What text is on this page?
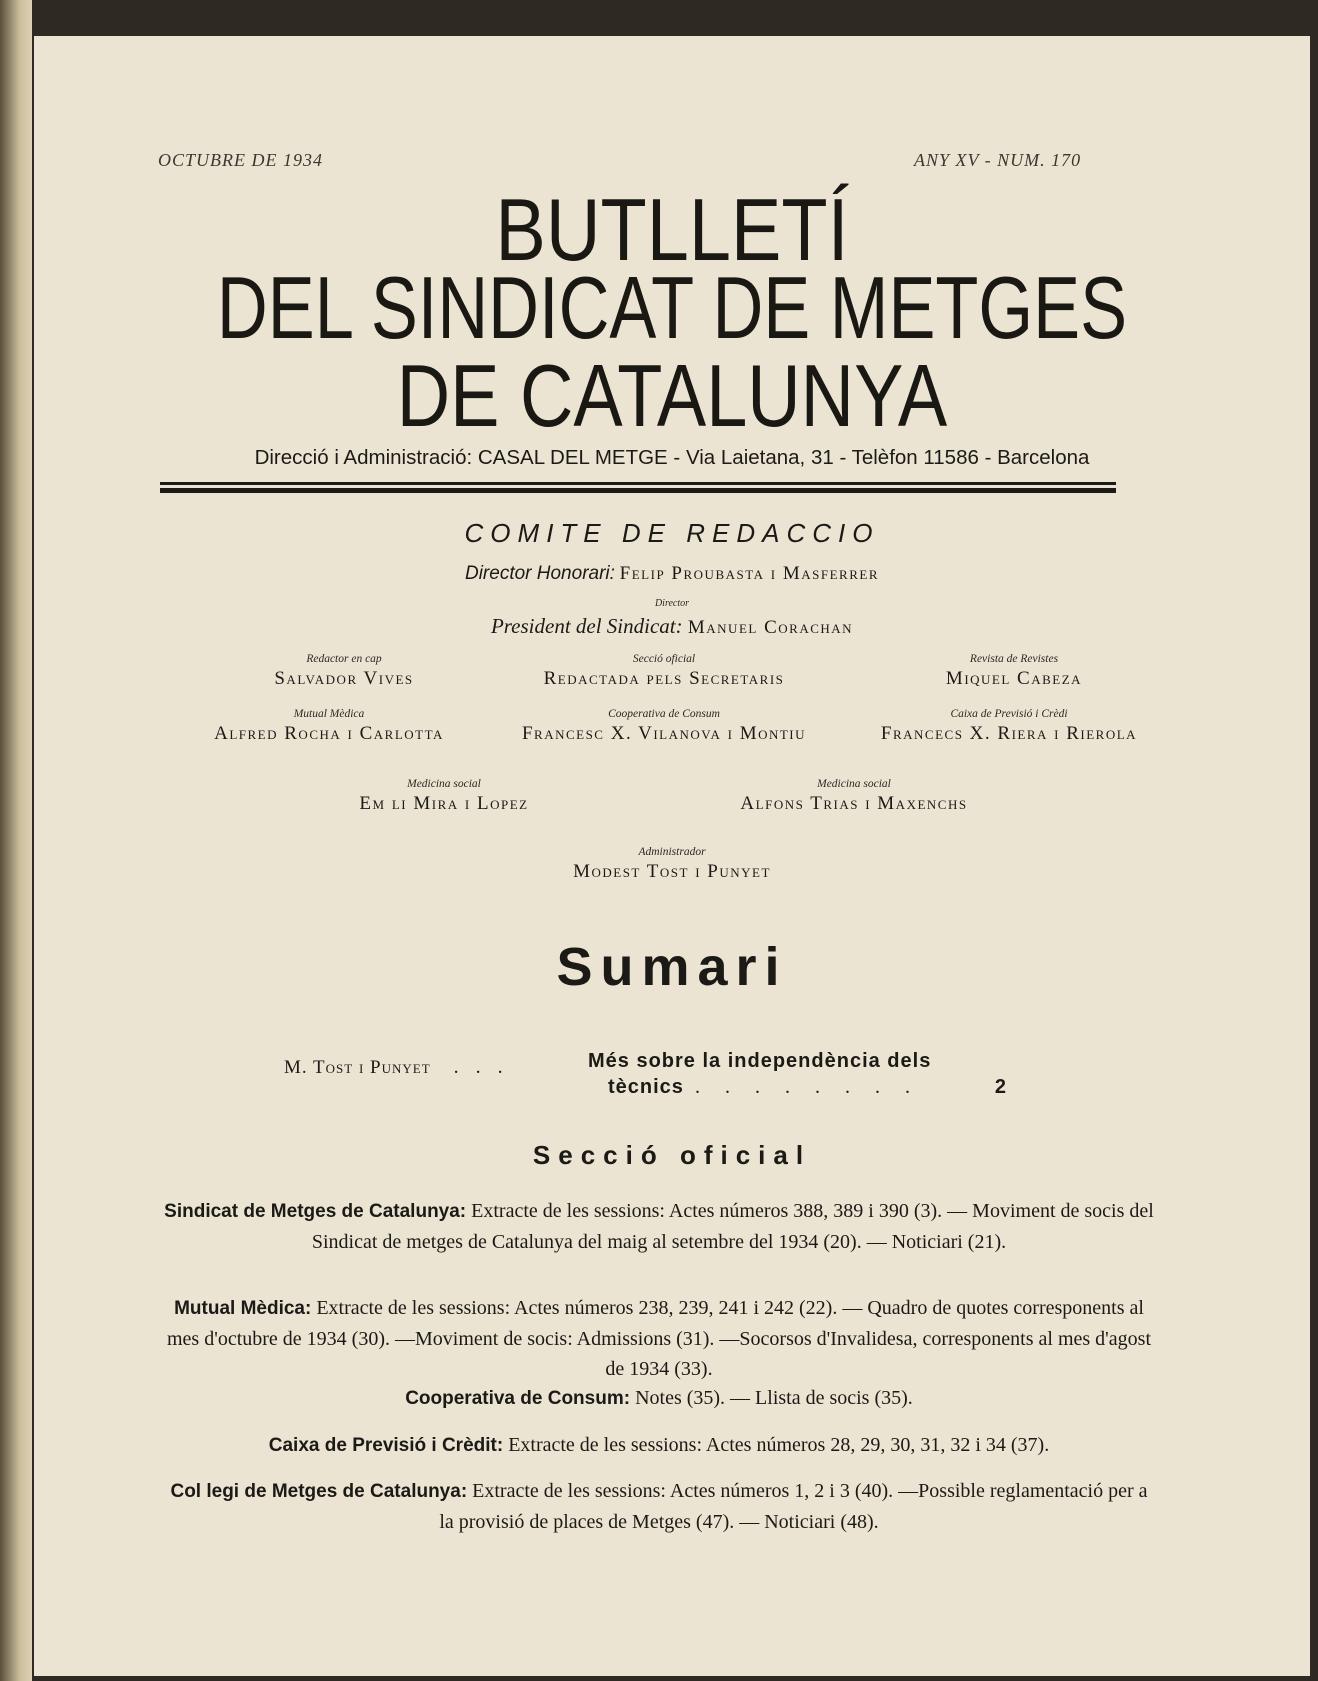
OCTUBRE DE 1934	ANY XV - NUM. 170
BUTLLETÍ
DEL SINDICAT DE METGES
DE CATALUNYA
Direcció i Administració: CASAL DEL METGE - Via Laietana, 31 - Telèfon 11586 - Barcelona
COMITE DE REDACCIO
Director Honorari: Felip Proubasta i Masferrer
Director
President del Sindicat: Manuel Corachan
Redactor en cap
Salvador Vives
Secció oficial
Redactada pels Secretaris
Revista de Revistes
Miquel Cabeza
Mutual Mèdica
Alfred Rocha i Carlotta
Cooperativa de Consum
Francesc X. Vilanova i Montiu
Caixa de Previsió i Crèdi
Francecs X. Riera i Rierola
Medicina social
Em li Mira i Lopez
Medicina social
Alfons Trias i Maxenchs
Administrador
Modest Tost i Punyet
Sumari
M. Tost i Punyet . . .	Més sobre la independència dels
tècnics . . . . . . . .	2
Secció oficial
Sindicat de Metges de Catalunya: Extracte de les sessions: Actes números 388, 389 i 390 (3). — Moviment de socis del Sindicat de metges de Catalunya del maig al setembre del 1934 (20). — Noticiari (21).
Mutual Mèdica: Extracte de les sessions: Actes números 238, 239, 241 i 242 (22). — Quadro de quotes corresponents al mes d'octubre de 1934 (30). —Moviment de socis: Admissions (31). —Socorsos d'Invalidesa, corresponents al mes d'agost de 1934 (33).
Cooperativa de Consum: Notes (35). — Llista de socis (35).
Caixa de Previsió i Crèdit: Extracte de les sessions: Actes números 28, 29, 30, 31, 32 i 34 (37).
Col legi de Metges de Catalunya: Extracte de les sessions: Actes números 1, 2 i 3 (40). —Possible reglamentació per a la provisió de places de Metges (47). — Noticiari (48).
